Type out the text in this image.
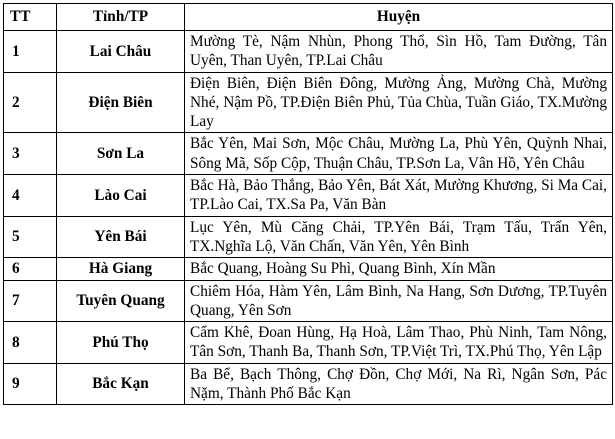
TT	Tỉnh/TP	Huyện
1	Lai Châu	Mường Tè, Nậm Nhùn, Phong Thổ, Sìn Hồ, Tam Đường, Tân Uyên, Than Uyên, TP.Lai Châu
2	Điện Biên	Điện Biên, Điện Biên Đông, Mường Ảng, Mường Chà, Mường Nhé, Nậm Pồ, TP.Điện Biên Phủ, Tủa Chùa, Tuần Giáo, TX.Mường Lay
3	Sơn La	Bắc Yên, Mai Sơn, Mộc Châu, Mường La, Phù Yên, Quỳnh Nhai, Sông Mã, Sốp Cộp, Thuận Châu, TP.Sơn La, Vân Hồ, Yên Châu
4	Lào Cai	Bắc Hà, Bảo Thắng, Bảo Yên, Bát Xát, Mường Khương, Si Ma Cai, TP.Lào Cai, TX.Sa Pa, Văn Bàn
5	Yên Bái	Lục Yên, Mù Căng Chải, TP.Yên Bái, Trạm Tấu, Trấn Yên, TX.Nghĩa Lộ, Văn Chấn, Văn Yên, Yên Bình
6	Hà Giang	Bắc Quang, Hoàng Su Phì, Quang Bình, Xín Mần
7	Tuyên Quang	Chiêm Hóa, Hàm Yên, Lâm Bình, Na Hang, Sơn Dương, TP.Tuyên Quang, Yên Sơn
8	Phú Thọ	Cẩm Khê, Đoan Hùng, Hạ Hoà, Lâm Thao, Phù Ninh, Tam Nông, Tân Sơn, Thanh Ba, Thanh Sơn, TP.Việt Trì, TX.Phú Thọ, Yên Lập
9	Bắc Kạn	Ba Bể, Bạch Thông, Chợ Đồn, Chợ Mới, Na Rì, Ngân Sơn, Pác Nặm, Thành Phố Bắc Kạn
